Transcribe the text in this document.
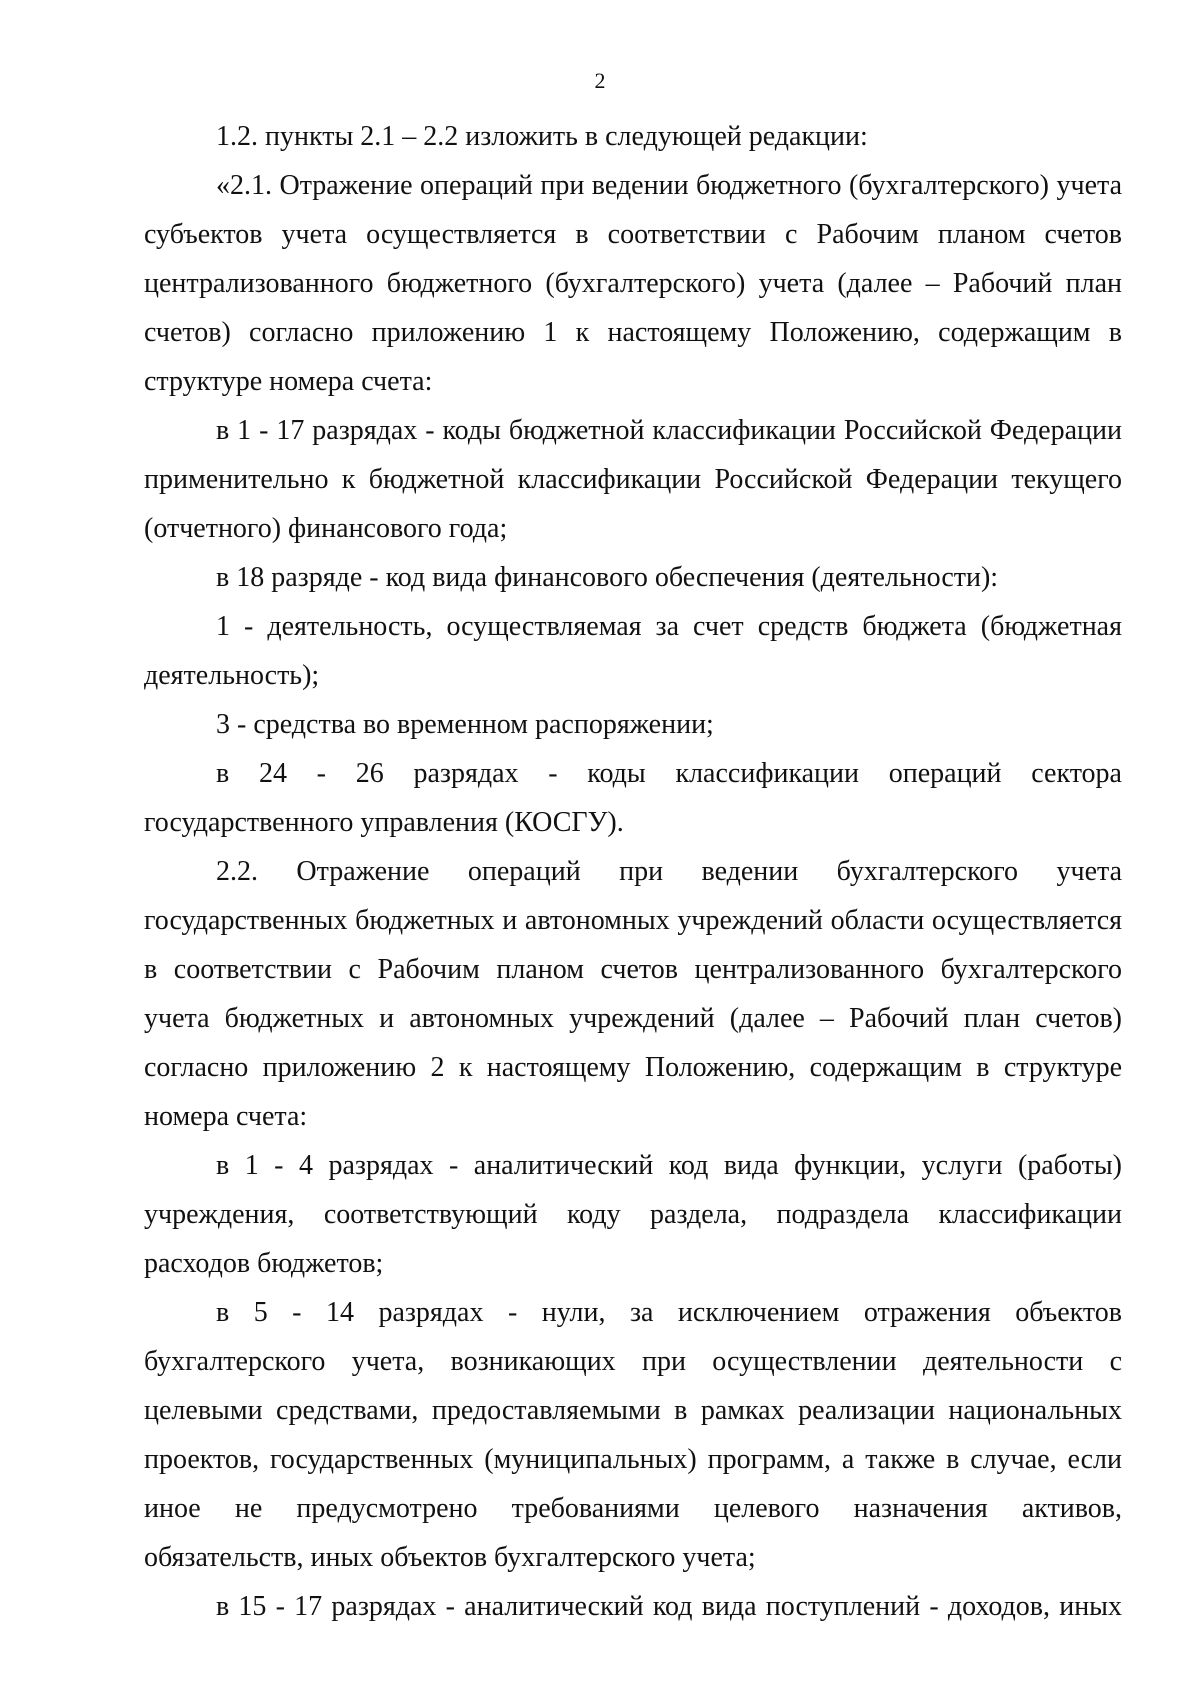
2

1.2. пункты 2.1 – 2.2 изложить в следующей редакции:

«2.1. Отражение операций при ведении бюджетного (бухгалтерского) учета субъектов учета осуществляется в соответствии с Рабочим планом счетов централизованного бюджетного (бухгалтерского) учета (далее – Рабочий план счетов) согласно приложению 1 к настоящему Положению, содержащим в структуре номера счета:

в 1 - 17 разрядах - коды бюджетной классификации Российской Федерации применительно к бюджетной классификации Российской Федерации текущего (отчетного) финансового года;

в 18 разряде - код вида финансового обеспечения (деятельности):

1 - деятельность, осуществляемая за счет средств бюджета (бюджетная деятельность);

3 - средства во временном распоряжении;

в 24 - 26 разрядах - коды классификации операций сектора государственного управления (КОСГУ).

2.2. Отражение операций при ведении бухгалтерского учета государственных бюджетных и автономных учреждений области осуществляется в соответствии с Рабочим планом счетов централизованного бухгалтерского учета бюджетных и автономных учреждений (далее – Рабочий план счетов) согласно приложению 2 к настоящему Положению, содержащим в структуре номера счета:

в 1 - 4 разрядах - аналитический код вида функции, услуги (работы) учреждения, соответствующий коду раздела, подраздела классификации расходов бюджетов;

в 5 - 14 разрядах - нули, за исключением отражения объектов бухгалтерского учета, возникающих при осуществлении деятельности с целевыми средствами, предоставляемыми в рамках реализации национальных проектов, государственных (муниципальных) программ, а также в случае, если иное не предусмотрено требованиями целевого назначения активов, обязательств, иных объектов бухгалтерского учета;

в 15 - 17 разрядах - аналитический код вида поступлений - доходов, иных
